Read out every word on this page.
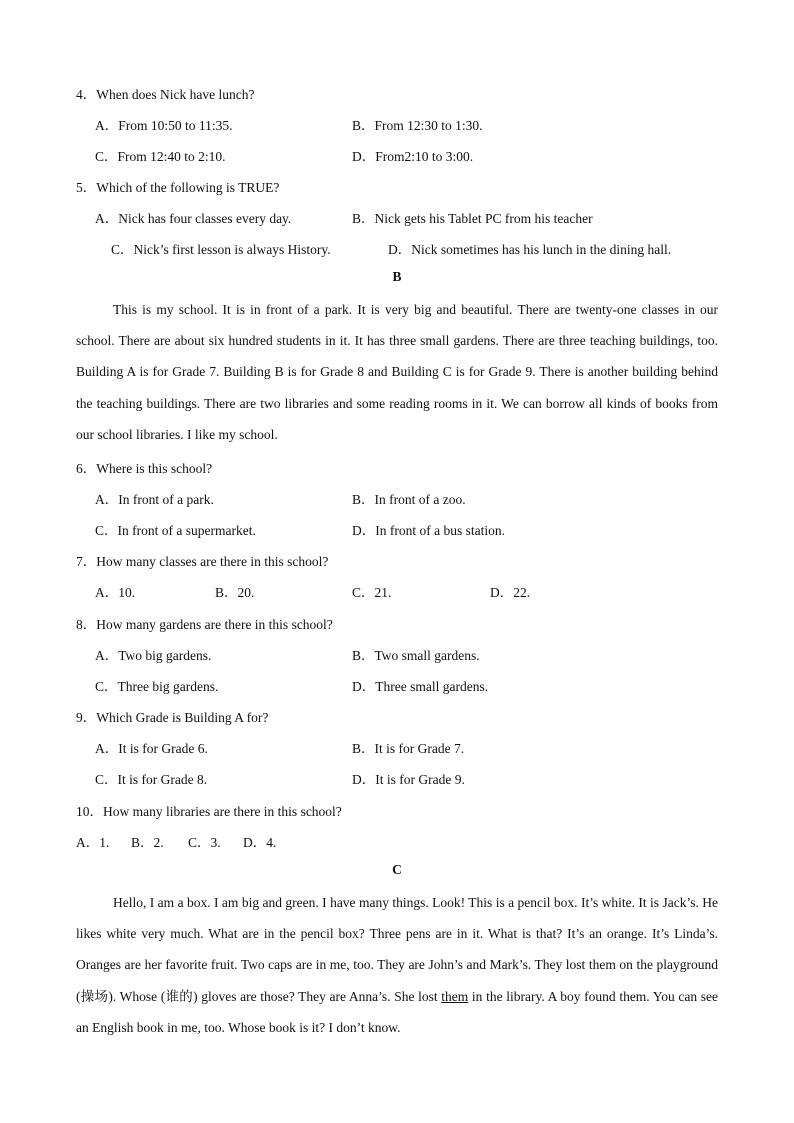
4．When does Nick have lunch?
A．From 10:50 to 11:35.	B．From 12:30 to 1:30.
C．From 12:40 to 2:10.	D．From2:10 to 3:00.
5．Which of the following is TRUE?
A．Nick has four classes every day.	B．Nick gets his Tablet PC from his teacher
C．Nick’s first lesson is always History.	D．Nick sometimes has his lunch in the dining hall.
B

This is my school. It is in front of a park. It is very big and beautiful. There are twenty-one classes in our school. There are about six hundred students in it. It has three small gardens. There are three teaching buildings, too. Building A is for Grade 7. Building B is for Grade 8 and Building C is for Grade 9. There is another building behind the teaching buildings. There are two libraries and some reading rooms in it. We can borrow all kinds of books from our school libraries. I like my school.

6．Where is this school?
A．In front of a park.	B．In front of a zoo.
C．In front of a supermarket.	D．In front of a bus station.
7．How many classes are there in this school?
A．10.	B．20.	C．21.	D．22.
8．How many gardens are there in this school?
A．Two big gardens.	B．Two small gardens.
C．Three big gardens.	D．Three small gardens.
9．Which Grade is Building A for?
A．It is for Grade 6.	B．It is for Grade 7.
C．It is for Grade 8.	D．It is for Grade 9.
10．How many libraries are there in this school?
A．1. B．2. C．3. D．4.
C

Hello, I am a box. I am big and green. I have many things. Look! This is a pencil box. It’s white. It is Jack’s. He likes white very much. What are in the pencil box? Three pens are in it. What is that? It’s an orange. It’s Linda’s. Oranges are her favorite fruit. Two caps are in me, too. They are John’s and Mark’s. They lost them on the playground (操场). Whose (谁的) gloves are those? They are Anna’s. She lost them in the library. A boy found them. You can see an English book in me, too. Whose book is it? I don’t know.
